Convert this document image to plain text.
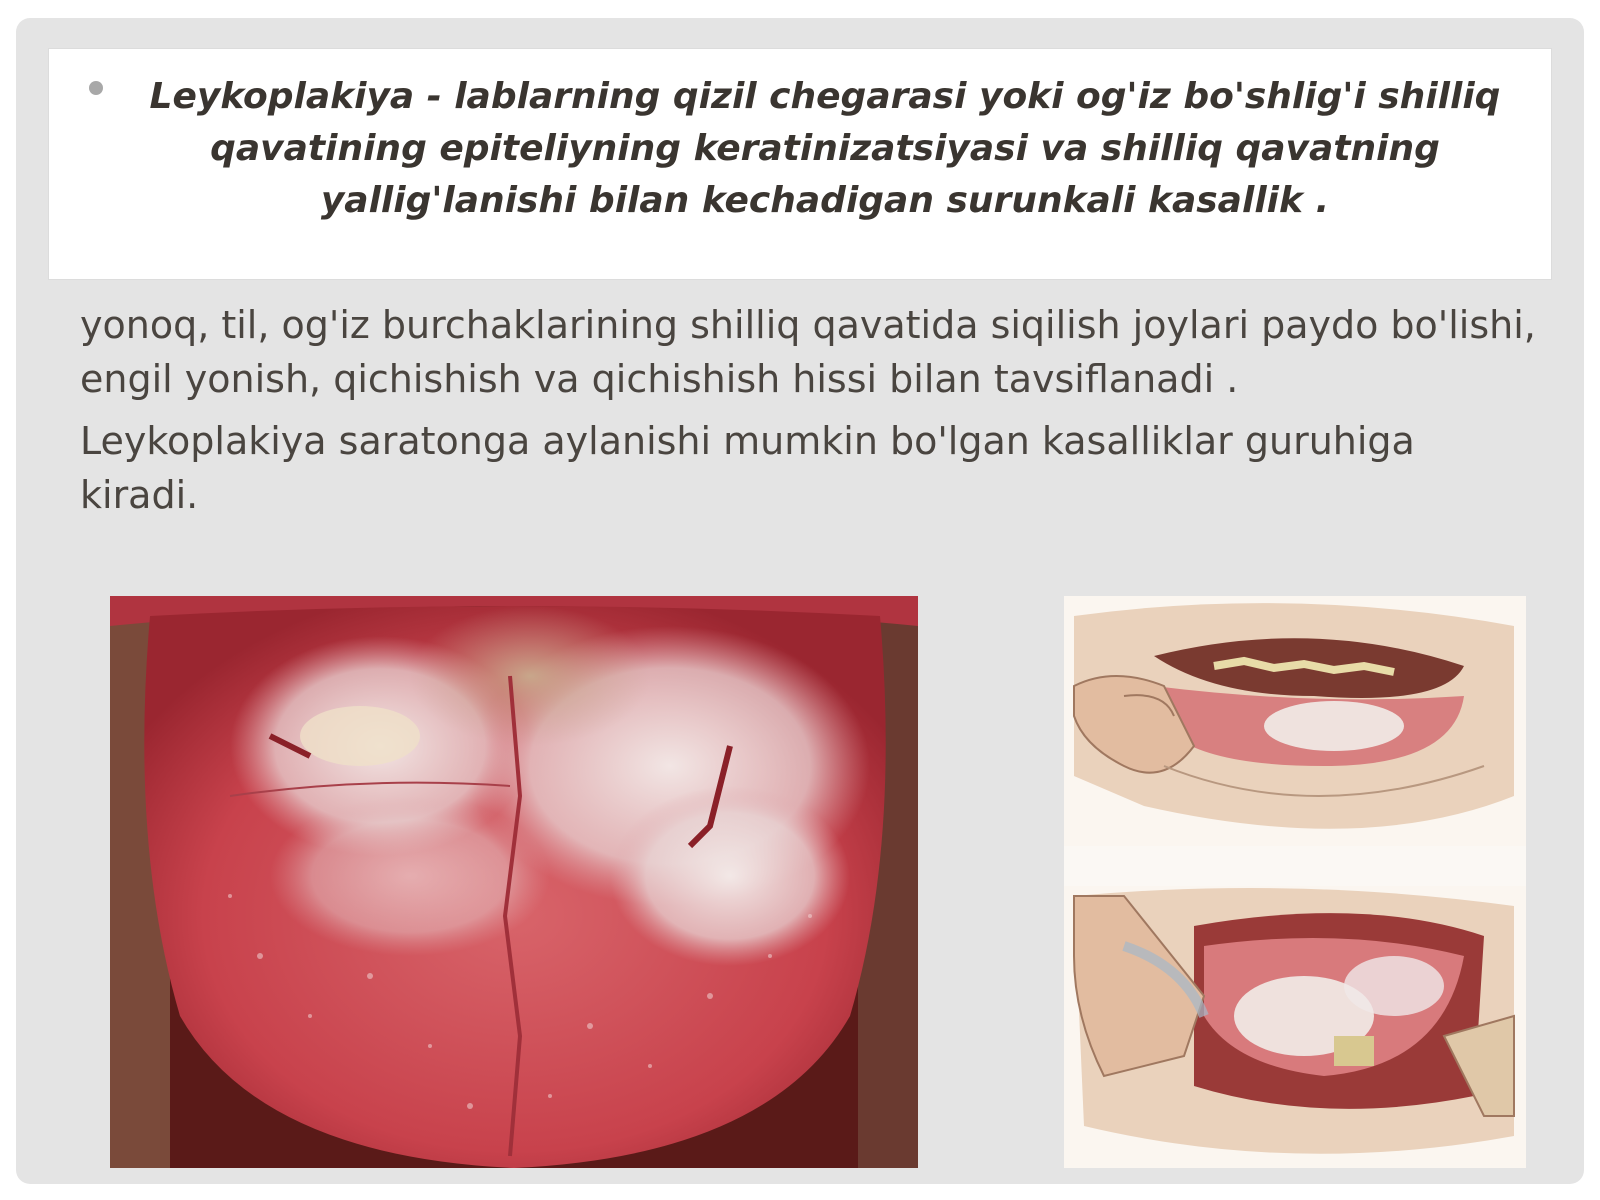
Leykoplakiya - lablarning qizil chegarasi yoki og'iz bo'shlig'i shilliq qavatining epiteliyning keratinizatsiyasi va shilliq qavatning yallig'lanishi bilan kechadigan surunkali kasallik .

yonoq, til, og'iz burchaklarining shilliq qavatida siqilish joylari paydo bo'lishi, engil yonish, qichishish va qichishish hissi bilan tavsiflanadi .

Leykoplakiya saratonga aylanishi mumkin bo'lgan kasalliklar guruhiga kiradi.
